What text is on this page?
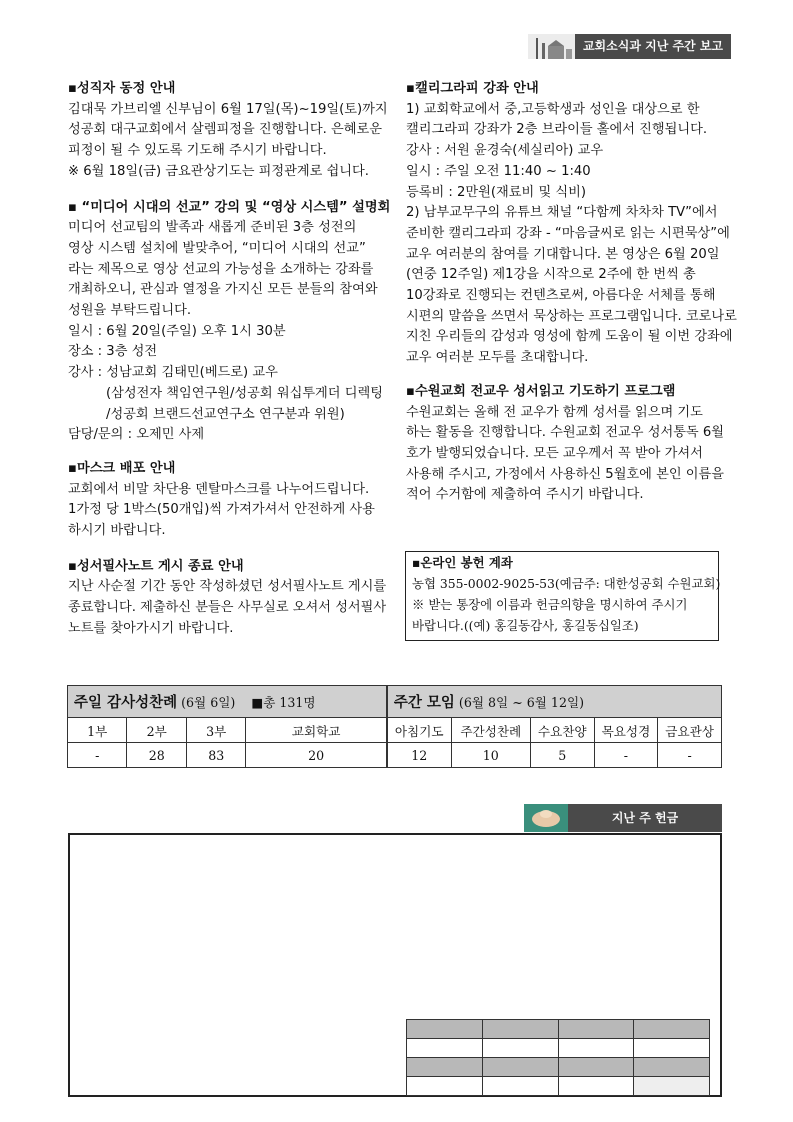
교회소식과 지난 주간 보고

▪성직자 동정 안내

김대묵 가브리엘 신부님이 6월 17일(목)~19일(토)까지

성공회 대구교회에서 살렘피정을 진행합니다. 은혜로운

피정이 될 수 있도록 기도해 주시기 바랍니다.

※ 6월 18일(금) 금요관상기도는 피정관계로 쉽니다.

▪ “미디어 시대의 선교” 강의 및 “영상 시스템” 설명회

미디어 선교팀의 발족과 새롭게 준비된 3층 성전의

영상 시스템 설치에 발맞추어, “미디어 시대의 선교”

라는 제목으로 영상 선교의 가능성을 소개하는 강좌를

개최하오니, 관심과 열정을 가지신 모든 분들의 참여와

성원을 부탁드립니다.

일시 : 6월 20일(주일) 오후 1시 30분

장소 : 3층 성전

강사 : 성남교회 김태민(베드로) 교우

(삼성전자 책임연구원/성공회 워십투게더 디렉팅

/성공회 브랜드선교연구소 연구분과 위원)

담당/문의 : 오제민 사제

▪마스크 배포 안내

교회에서 비말 차단용 덴탈마스크를 나누어드립니다.

1가정 당 1박스(50개입)씩 가져가셔서 안전하게 사용

하시기 바랍니다.

▪성서필사노트 게시 종료 안내

지난 사순절 기간 동안 작성하셨던 성서필사노트 게시를

종료합니다. 제출하신 분들은 사무실로 오셔서 성서필사

노트를 찾아가시기 바랍니다.

▪캘리그라피 강좌 안내

1) 교회학교에서 중,고등학생과 성인을 대상으로 한

캘리그라피 강좌가 2층 브라이들 홀에서 진행됩니다.

강사 : 서원 윤경숙(세실리아) 교우

일시 : 주일 오전 11:40 ~ 1:40

등록비 : 2만원(재료비 및 식비)

2) 남부교무구의 유튜브 채널 “다함께 차차차 TV”에서

준비한 캘리그라피 강좌 - “마음글씨로 읽는 시편묵상”에

교우 여러분의 참여를 기대합니다. 본 영상은 6월 20일

(연중 12주일) 제1강을 시작으로 2주에 한 번씩 총

10강좌로 진행되는 컨텐츠로써, 아름다운 서체를 통해

시편의 말씀을 쓰면서 묵상하는 프로그램입니다. 코로나로

지친 우리들의 감성과 영성에 함께 도움이 될 이번 강좌에

교우 여러분 모두를 초대합니다.

▪수원교회 전교우 성서읽고 기도하기 프로그램

수원교회는 올해 전 교우가 함께 성서를 읽으며 기도

하는 활동을 진행합니다. 수원교회 전교우 성서통독 6월

호가 발행되었습니다. 모든 교우께서 꼭 받아 가셔서

사용해 주시고, 가정에서 사용하신 5월호에 본인 이름을

적어 수거함에 제출하여 주시기 바랍니다.

▪온라인 봉헌 계좌

농협 355-0002-9025-53(예금주: 대한성공회 수원교회)

※ 받는 통장에 이름과 헌금의향을 명시하여 주시기

바랍니다.((예) 홍길동감사, 홍길동십일조)

주일 감사성찬례 (6월 6일) ■총 131명				주간 모임 (6월 8일 ~ 6월 12일)				
1부	2부	3부	교회학교	아침기도	주간성찬례	수요찬양	목요성경	금요관상
-	28	83	20	12	10	5	-	-
지난 주 헌금
